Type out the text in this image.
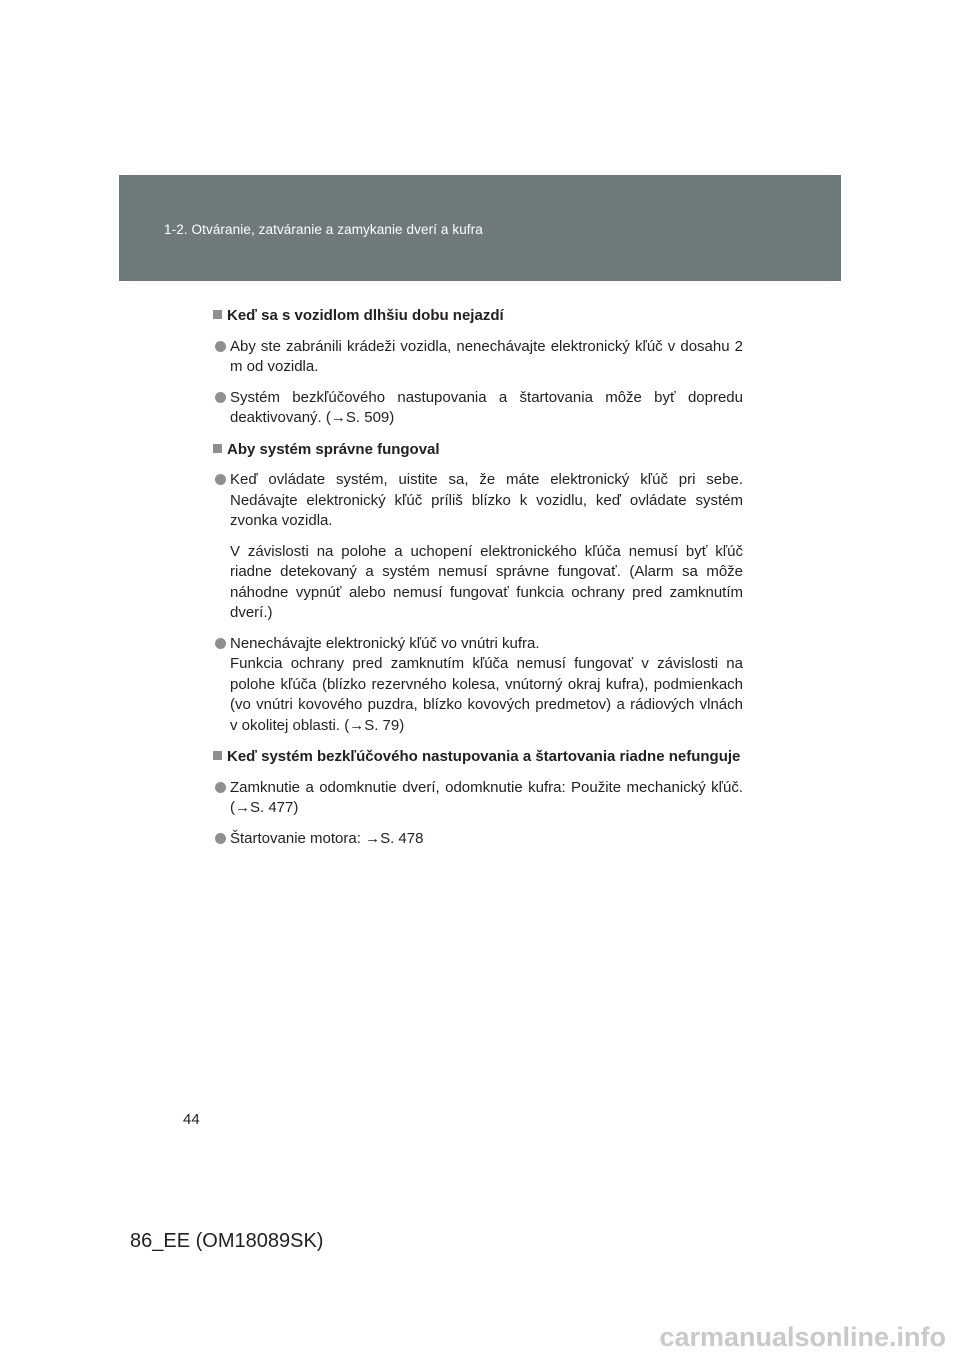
1-2. Otváranie, zatváranie a zamykanie dverí a kufra
Keď sa s vozidlom dlhšiu dobu nejazdí

Aby ste zabránili krádeži vozidla, nenechávajte elektronický kľúč v dosahu 2 m od vozidla.

Systém bezkľúčového nastupovania a štartovania môže byť dopredu deaktivovaný. (→S. 509)

Aby systém správne fungoval

Keď ovládate systém, uistite sa, že máte elektronický kľúč pri sebe. Nedávajte elektronický kľúč príliš blízko k vozidlu, keď ovládate systém zvonka vozidla.

V závislosti na polohe a uchopení elektronického kľúča nemusí byť kľúč riadne detekovaný a systém nemusí správne fungovať. (Alarm sa môže náhodne vypnúť alebo nemusí fungovať funkcia ochrany pred zamknutím dverí.)

Nenechávajte elektronický kľúč vo vnútri kufra.

Funkcia ochrany pred zamknutím kľúča nemusí fungovať v závislosti na polohe kľúča (blízko rezervného kolesa, vnútorný okraj kufra), podmienkach (vo vnútri kovového puzdra, blízko kovových predmetov) a rádiových vlnách v okolitej oblasti. (→S. 79)

Keď systém bezkľúčového nastupovania a štartovania riadne nefunguje

Zamknutie a odomknutie dverí, odomknutie kufra: Použite mechanický kľúč. (→S. 477)

Štartovanie motora: →S. 478

44
86_EE (OM18089SK)
carmanualsonline.info
